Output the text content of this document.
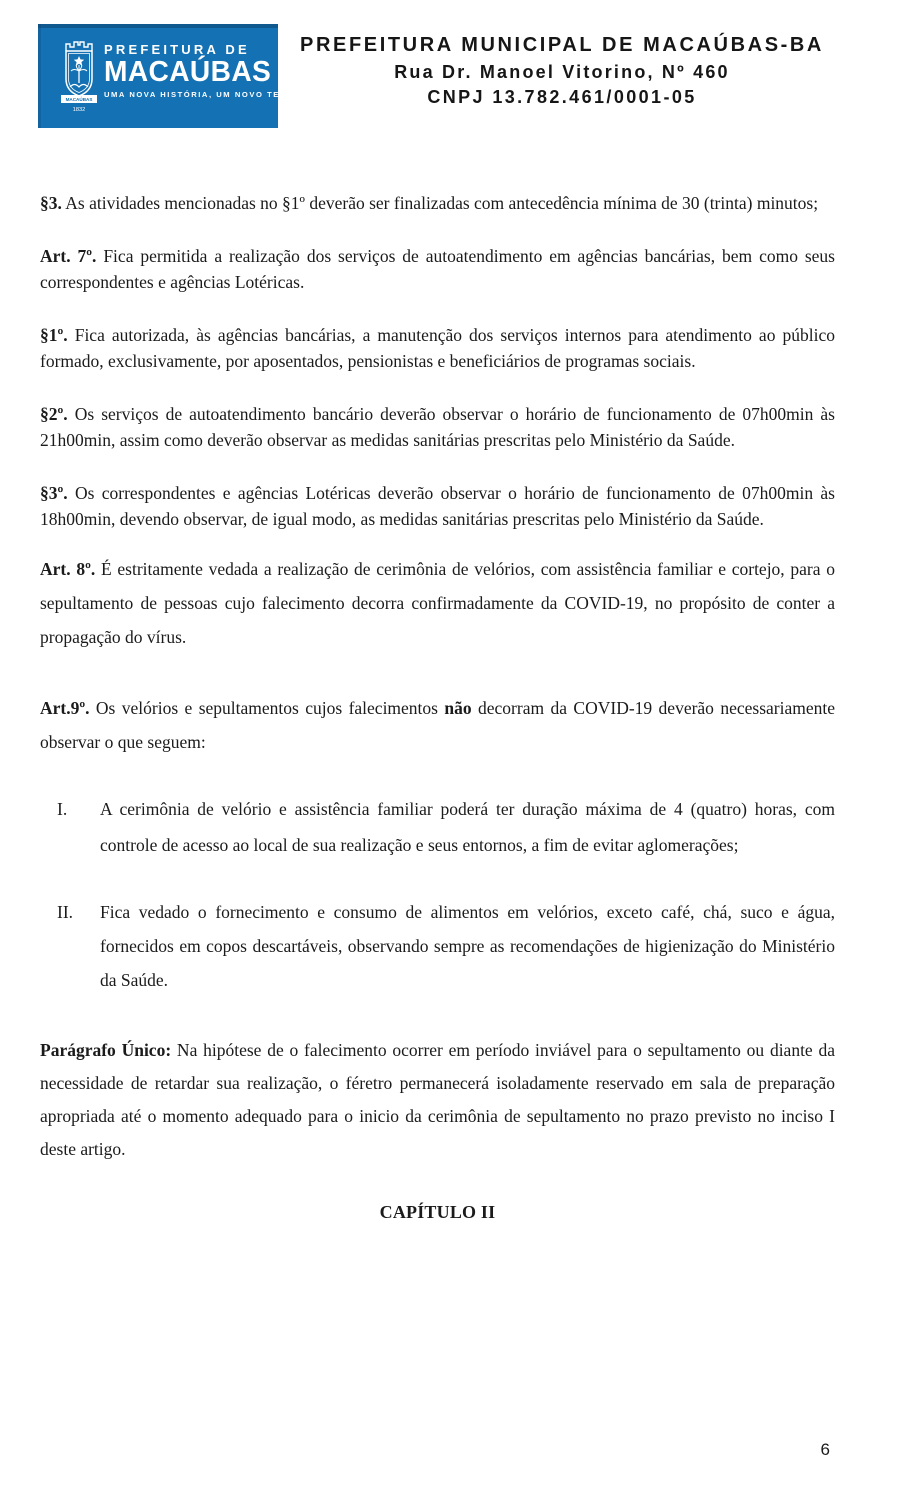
MACAÚBAS
1832
PREFEITURA DE
MACAÚBAS
UMA NOVA HISTÓRIA, UM NOVO TEMPO
PREFEITURA MUNICIPAL DE MACAÚBAS-BA
Rua Dr. Manoel Vitorino, Nº 460
CNPJ 13.782.461/0001-05

§3. As atividades mencionadas no §1º deverão ser finalizadas com antecedência mínima de 30 (trinta) minutos;

Art. 7º. Fica permitida a realização dos serviços de autoatendimento em agências bancárias, bem como seus correspondentes e agências Lotéricas.

§1º. Fica autorizada, às agências bancárias, a manutenção dos serviços internos para atendimento ao público formado, exclusivamente, por aposentados, pensionistas e beneficiários de programas sociais.

§2º. Os serviços de autoatendimento bancário deverão observar o horário de funcionamento de 07h00min às 21h00min, assim como deverão observar as medidas sanitárias prescritas pelo Ministério da Saúde.

§3º. Os correspondentes e agências Lotéricas deverão observar o horário de funcionamento de 07h00min às 18h00min, devendo observar, de igual modo, as medidas sanitárias prescritas pelo Ministério da Saúde.

Art. 8º. É estritamente vedada a realização de cerimônia de velórios, com assistência familiar e cortejo, para o sepultamento de pessoas cujo falecimento decorra confirmadamente da COVID-19, no propósito de conter a propagação do vírus.

Art.9º. Os velórios e sepultamentos cujos falecimentos não decorram da COVID-19 deverão necessariamente observar o que seguem:

I. A cerimônia de velório e assistência familiar poderá ter duração máxima de 4 (quatro) horas, com controle de acesso ao local de sua realização e seus entornos, a fim de evitar aglomerações;
II. Fica vedado o fornecimento e consumo de alimentos em velórios, exceto café, chá, suco e água, fornecidos em copos descartáveis, observando sempre as recomendações de higienização do Ministério da Saúde.

Parágrafo Único: Na hipótese de o falecimento ocorrer em período inviável para o sepultamento ou diante da necessidade de retardar sua realização, o féretro permanecerá isoladamente reservado em sala de preparação apropriada até o momento adequado para o inicio da cerimônia de sepultamento no prazo previsto no inciso I deste artigo.

CAPÍTULO II
6
